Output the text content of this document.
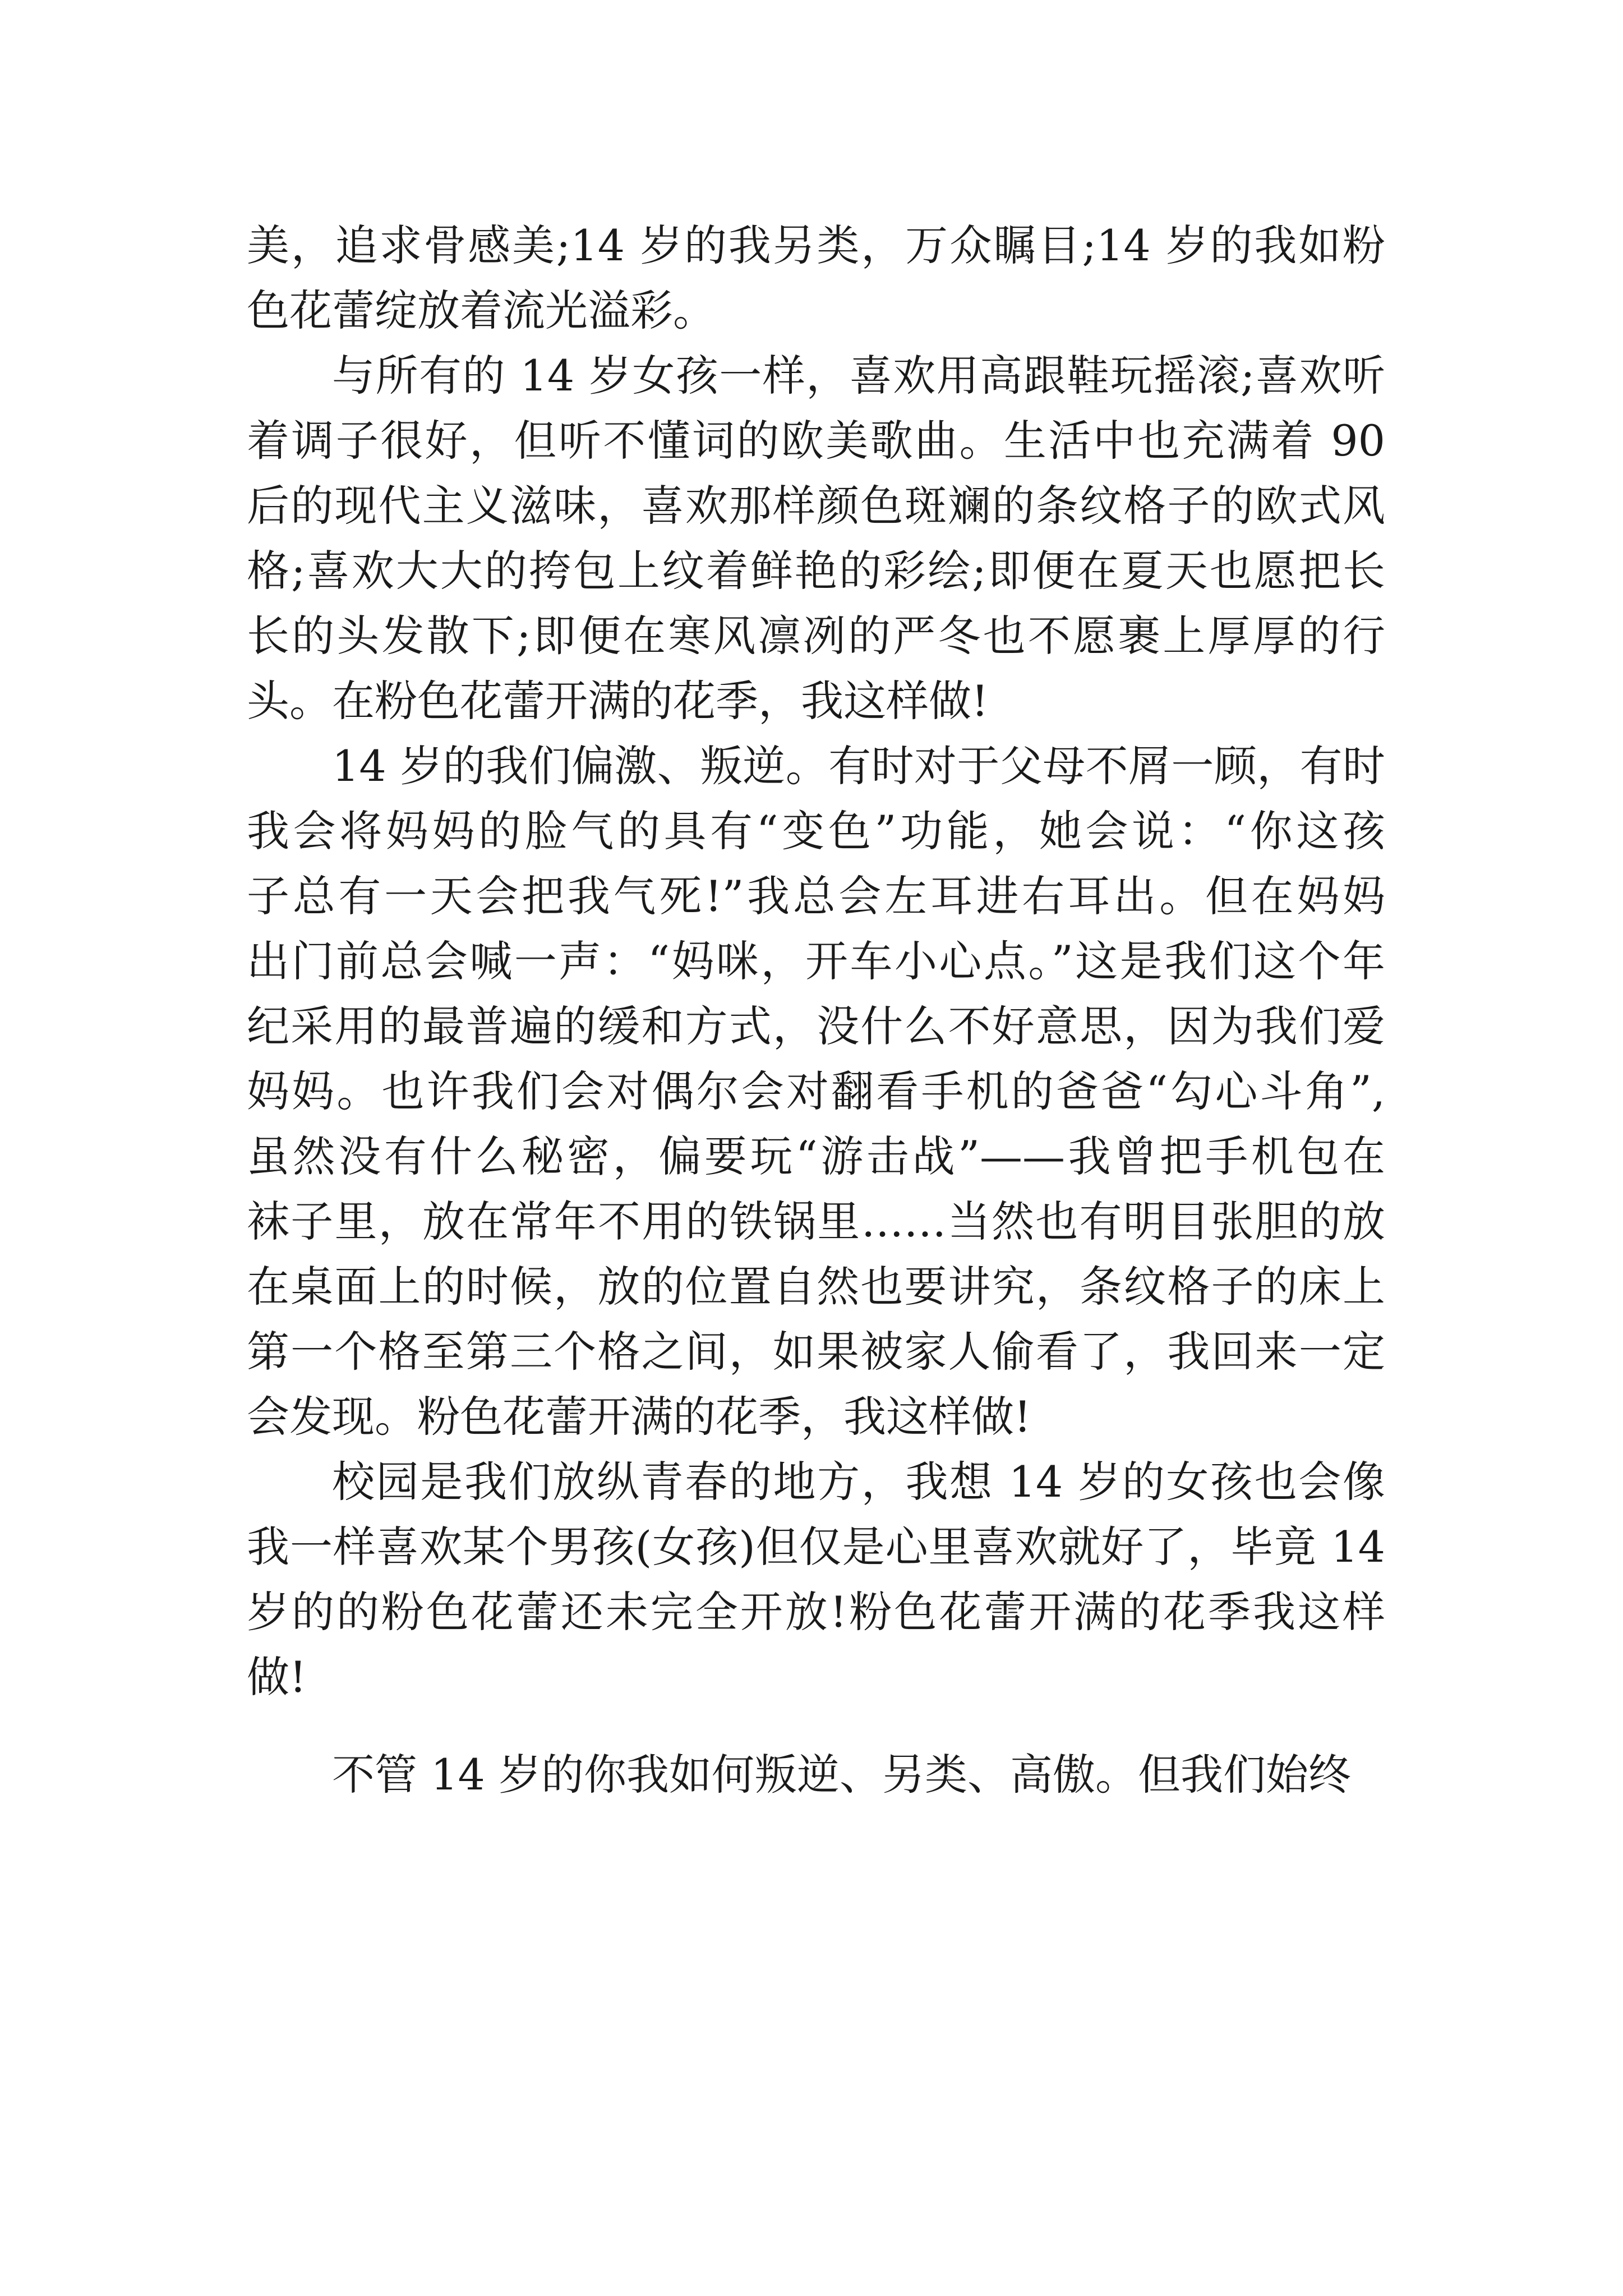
美，追求骨感美;14 岁的我另类，万众瞩目;14 岁的我如粉
色花蕾绽放着流光溢彩。
与所有的 14 岁女孩一样，喜欢用高跟鞋玩摇滚;喜欢听
着调子很好，但听不懂词的欧美歌曲。生活中也充满着 90
后的现代主义滋味，喜欢那样颜色斑斓的条纹格子的欧式风
格;喜欢大大的挎包上纹着鲜艳的彩绘;即便在夏天也愿把长
长的头发散下;即便在寒风凛冽的严冬也不愿裹上厚厚的行
头。在粉色花蕾开满的花季，我这样做!
14 岁的我们偏激、叛逆。有时对于父母不屑一顾，有时
我会将妈妈的脸气的具有“变色”功能，她会说：“你这孩
子总有一天会把我气死!”我总会左耳进右耳出。但在妈妈
出门前总会喊一声：“妈咪，开车小心点。”这是我们这个年
纪采用的最普遍的缓和方式，没什么不好意思，因为我们爱
妈妈。也许我们会对偶尔会对翻看手机的爸爸“勾心斗角”,
虽然没有什么秘密，偏要玩“游击战”——我曾把手机包在
袜子里，放在常年不用的铁锅里……当然也有明目张胆的放
在桌面上的时候，放的位置自然也要讲究，条纹格子的床上
第一个格至第三个格之间，如果被家人偷看了，我回来一定
会发现。粉色花蕾开满的花季，我这样做!
校园是我们放纵青春的地方，我想 14 岁的女孩也会像
我一样喜欢某个男孩(女孩)但仅是心里喜欢就好了，毕竟 14
岁的的粉色花蕾还未完全开放!粉色花蕾开满的花季我这样
做!
不管 14 岁的你我如何叛逆、另类、高傲。但我们始终
